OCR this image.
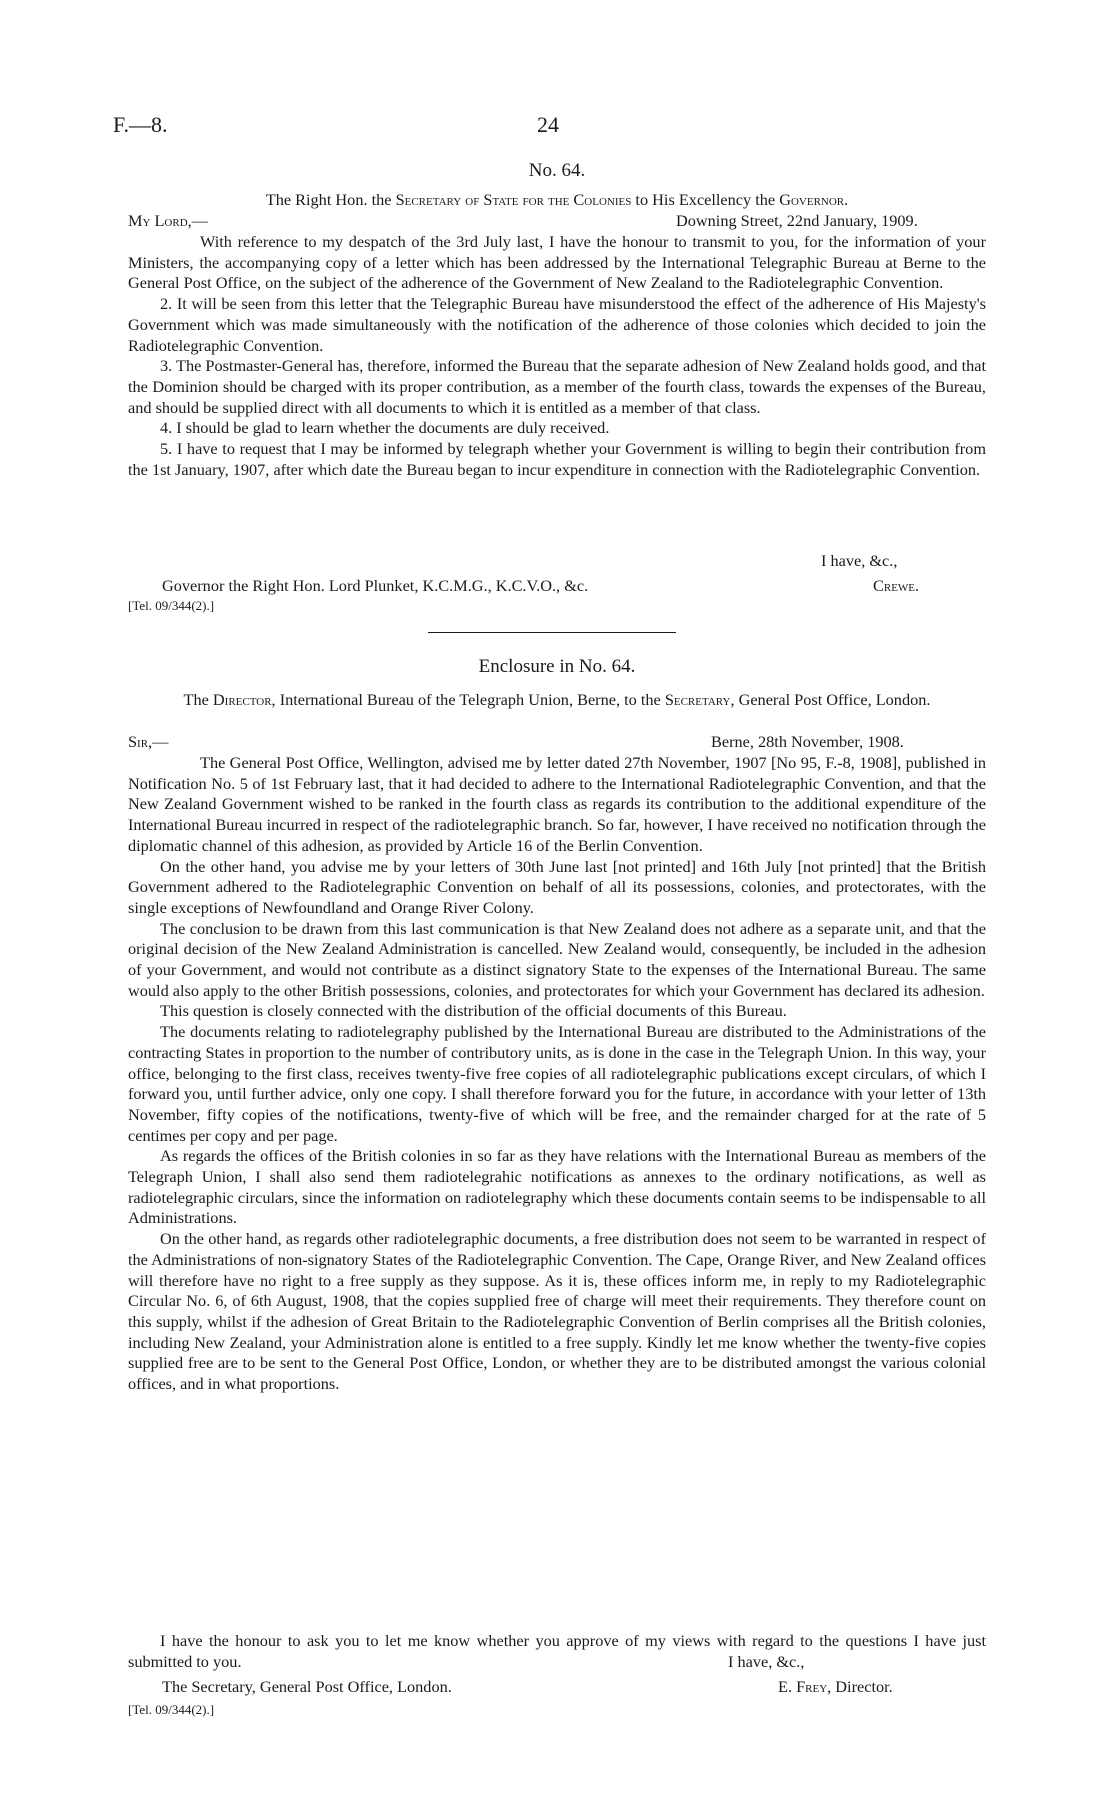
F.—8.	24
No. 64.
The Right Hon. the Secretary of State for the Colonies to His Excellency the Governor.
My Lord,—	Downing Street, 22nd January, 1909.

With reference to my despatch of the 3rd July last, I have the honour to transmit to you, for the information of your Ministers, the accompanying copy of a letter which has been addressed by the International Telegraphic Bureau at Berne to the General Post Office, on the subject of the adherence of the Government of New Zealand to the Radiotelegraphic Convention.

2. It will be seen from this letter that the Telegraphic Bureau have misunderstood the effect of the adherence of His Majesty's Government which was made simultaneously with the notification of the adherence of those colonies which decided to join the Radiotelegraphic Convention.

3. The Postmaster-General has, therefore, informed the Bureau that the separate adhesion of New Zealand holds good, and that the Dominion should be charged with its proper contribution, as a member of the fourth class, towards the expenses of the Bureau, and should be supplied direct with all documents to which it is entitled as a member of that class.

4. I should be glad to learn whether the documents are duly received.

5. I have to request that I may be informed by telegraph whether your Government is willing to begin their contribution from the 1st January, 1907, after which date the Bureau began to incur expenditure in connection with the Radiotelegraphic Convention.

I have, &c.,
Governor the Right Hon. Lord Plunket, K.C.M.G., K.C.V.O., &c.	Crewe.
[Tel. 09/344(2).]
Enclosure in No. 64.
The Director, International Bureau of the Telegraph Union, Berne, to the Secretary, General Post Office, London.
Sir,—	Berne, 28th November, 1908.

The General Post Office, Wellington, advised me by letter dated 27th November, 1907 [No 95, F.-8, 1908], published in Notification No. 5 of 1st February last, that it had decided to adhere to the International Radiotelegraphic Convention, and that the New Zealand Government wished to be ranked in the fourth class as regards its contribution to the additional expenditure of the International Bureau incurred in respect of the radiotelegraphic branch. So far, however, I have received no notification through the diplomatic channel of this adhesion, as provided by Article 16 of the Berlin Convention.

On the other hand, you advise me by your letters of 30th June last [not printed] and 16th July [not printed] that the British Government adhered to the Radiotelegraphic Convention on behalf of all its possessions, colonies, and protectorates, with the single exceptions of Newfoundland and Orange River Colony.

The conclusion to be drawn from this last communication is that New Zealand does not adhere as a separate unit, and that the original decision of the New Zealand Administration is cancelled. New Zealand would, consequently, be included in the adhesion of your Government, and would not contribute as a distinct signatory State to the expenses of the International Bureau. The same would also apply to the other British possessions, colonies, and protectorates for which your Government has declared its adhesion.

This question is closely connected with the distribution of the official documents of this Bureau.

The documents relating to radiotelegraphy published by the International Bureau are distributed to the Administrations of the contracting States in proportion to the number of contributory units, as is done in the case in the Telegraph Union. In this way, your office, belonging to the first class, receives twenty-five free copies of all radiotelegraphic publications except circulars, of which I forward you, until further advice, only one copy. I shall therefore forward you for the future, in accordance with your letter of 13th November, fifty copies of the notifications, twenty-five of which will be free, and the remainder charged for at the rate of 5 centimes per copy and per page.

As regards the offices of the British colonies in so far as they have relations with the International Bureau as members of the Telegraph Union, I shall also send them radiotelegrahic notifications as annexes to the ordinary notifications, as well as radiotelegraphic circulars, since the information on radiotelegraphy which these documents contain seems to be indispensable to all Administrations.

On the other hand, as regards other radiotelegraphic documents, a free distribution does not seem to be warranted in respect of the Administrations of non-signatory States of the Radiotelegraphic Convention. The Cape, Orange River, and New Zealand offices will therefore have no right to a free supply as they suppose. As it is, these offices inform me, in reply to my Radiotelegraphic Circular No. 6, of 6th August, 1908, that the copies supplied free of charge will meet their requirements. They therefore count on this supply, whilst if the adhesion of Great Britain to the Radiotelegraphic Convention of Berlin comprises all the British colonies, including New Zealand, your Administration alone is entitled to a free supply. Kindly let me know whether the twenty-five copies supplied free are to be sent to the General Post Office, London, or whether they are to be distributed amongst the various colonial offices, and in what proportions.

I have the honour to ask you to let me know whether you approve of my views with regard to the questions I have just submitted to you.	I have, &c.,
The Secretary, General Post Office, London.	E. Frey, Director.
[Tel. 09/344(2).]
